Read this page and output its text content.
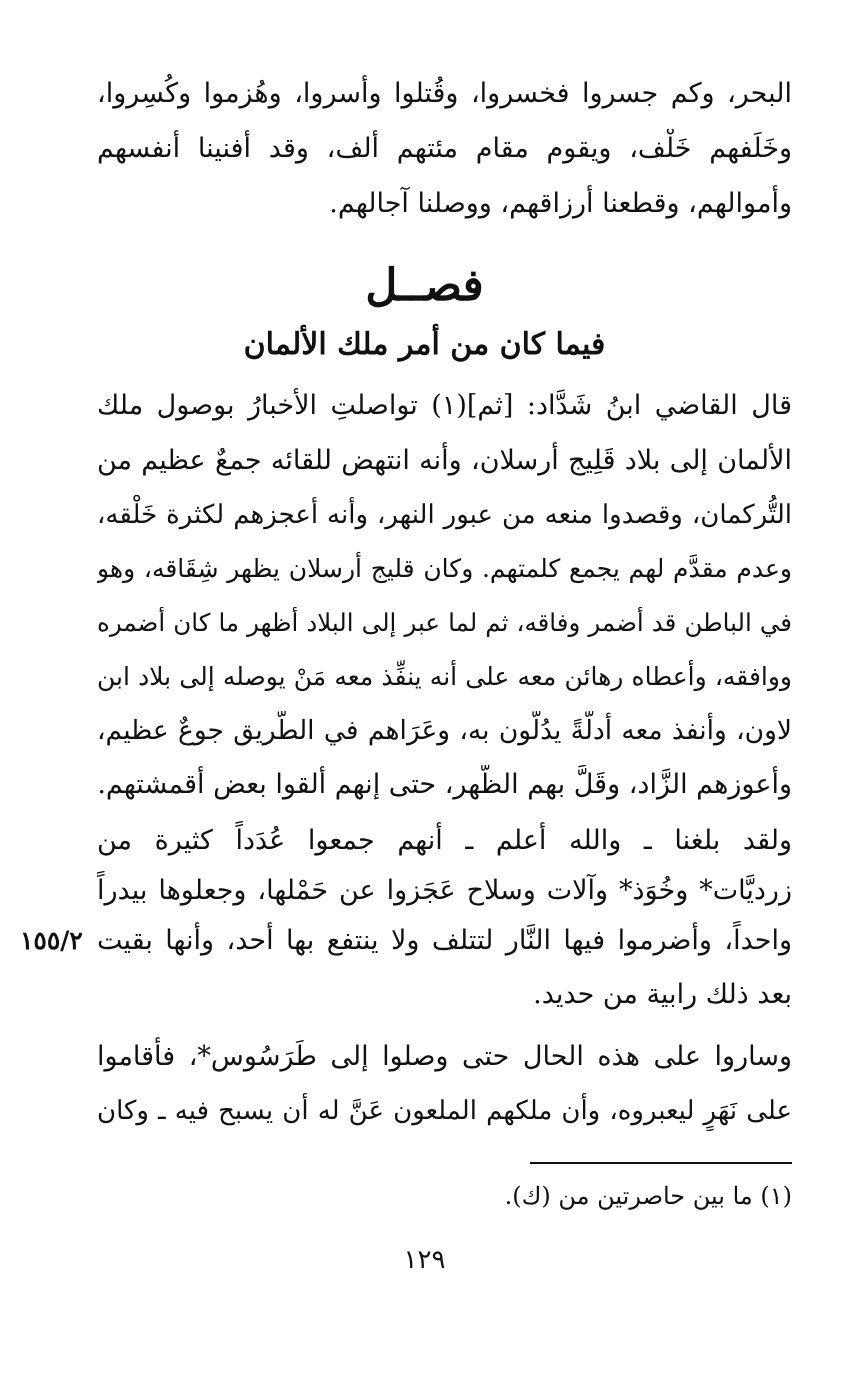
البحر، وكم جسروا فخسروا، وقُتلوا وأُسروا، وهُزموا وكُسِروا،
وخَلَفهم خَلْف، ويقوم مقام مئتهم ألف، وقد أفنينا أنفسهم
وأموالهم، وقطعنا أرزاقهم، ووصلنا آجالهم.
فصــل
فيما كان من أمر ملك الألمان
قال القاضي ابنُ شَدَّاد: [ثم](١) تواصلتِ الأخبارُ بوصول ملك
الألمان إلى بلاد قَلِيج أرسلان، وأنه انتهض للقائه جمعٌ عظيم من
التُّركمان، وقصدوا منعه من عبور النهر، وأنه أعجزهم لكثرة خَلْقه،
وعدم مقدَّم لهم يجمع كلمتهم. وكان قليج أرسلان يظهر شِقَاقه، وهو
في الباطن قد أضمر وفاقه، ثم لما عبر إلى البلاد أظهر ما كان أضمره
ووافقه، وأعطاه رهائن معه على أنه ينفِّذ معه مَنْ يوصله إلى بلاد ابن
لاون، وأنفذ معه أدلَّةً يدُلُّون به، وعَرَاهم في الطَّريق جوعٌ عظيم،
وأعوزهم الزَّاد، وقَلَّ بهم الظَّهر، حتى إنهم ألقوا بعض أقمشتهم.
ولقد بلغنا ـ والله أعلم ـ أنهم جمعوا عُدَداً كثيرة من
زرديَّات* وخُوَذ* وآلات وسلاح عَجَزوا عن حَمْلها، وجعلوها بيدراً
واحداً، وأضرموا فيها النَّار لتتلف ولا ينتفع بها أحد، وأنها بقيت
بعد ذلك رابية من حديد.
وساروا على هذه الحال حتى وصلوا إلى طَرَسُوس*، فأقاموا
على نَهَرٍ ليعبروه، وأن ملكهم الملعون عَنَّ له أن يسبح فيه ـ وكان
١٥٥/٢
(١) ما بين حاصرتين من (ك).
١٢٩
